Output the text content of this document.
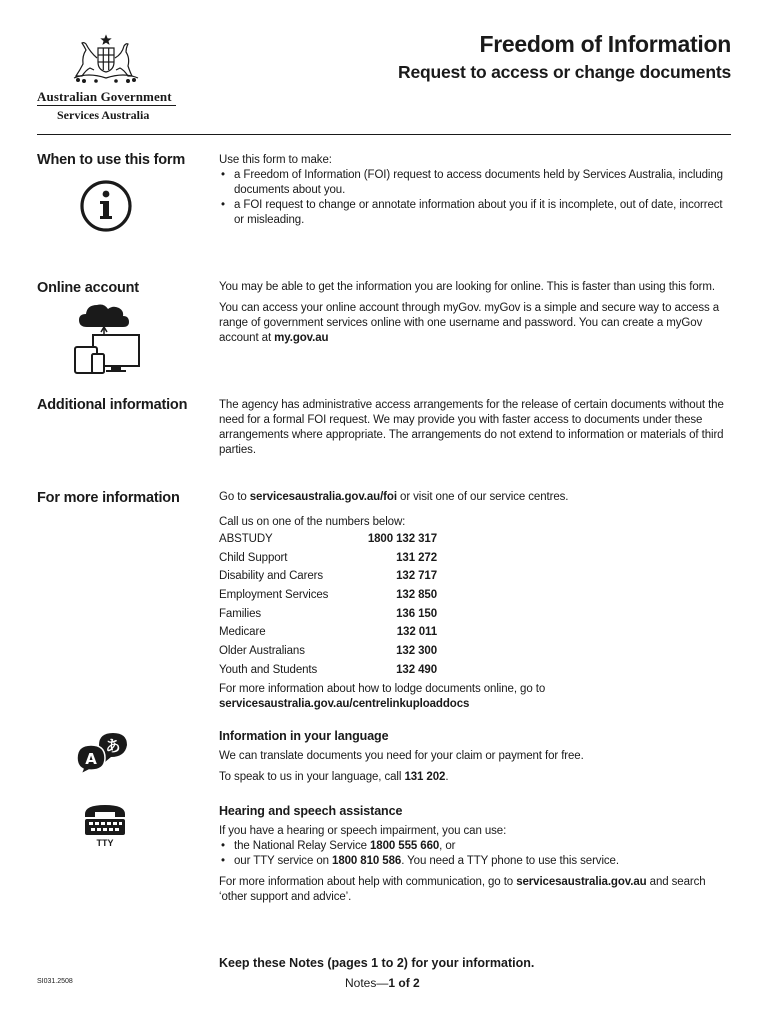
Australian Government
Services Australia
Freedom of Information
Request to access or change documents
When to use this form	Use this form to make:
• a Freedom of Information (FOI) request to access documents held by Services Australia, including documents about you.
• a FOI request to change or annotate information about you if it is incomplete, out of date, incorrect or misleading.
Online account	You may be able to get the information you are looking for online. This is faster than using this form.

You can access your online account through myGov. myGov is a simple and secure way to access a range of government services online with one username and password. You can create a myGov account at my.gov.au

Additional information	The agency has administrative access arrangements for the release of certain documents without the need for a formal FOI request. We may provide you with faster access to documents under these arrangements where appropriate. The arrangements do not extend to information or materials of third parties.

For more information	Go to servicesaustralia.gov.au/foi or visit one of our service centres.

Call us on one of the numbers below:
ABSTUDY	1800 132 317
Child Support	131 272
Disability and Carers	132 717
Employment Services	132 850
Families	136 150
Medicare	132 011
Older Australians	132 300
Youth and Students	132 490
For more information about how to lodge documents online, go to
servicesaustralia.gov.au/centrelinkuploaddocs
あ
A
Information in your language

We can translate documents you need for your claim or payment for free.

To speak to us in your language, call 131 202.

TTY
Hearing and speech assistance
If you have a hearing or speech impairment, you can use:
• the National Relay Service 1800 555 660, or
• our TTY service on 1800 810 586. You need a TTY phone to use this service.

For more information about help with communication, go to servicesaustralia.gov.au and search ‘other support and advice’.

Keep these Notes (pages 1 to 2) for your information.
SI031.2508	Notes—1 of 2
